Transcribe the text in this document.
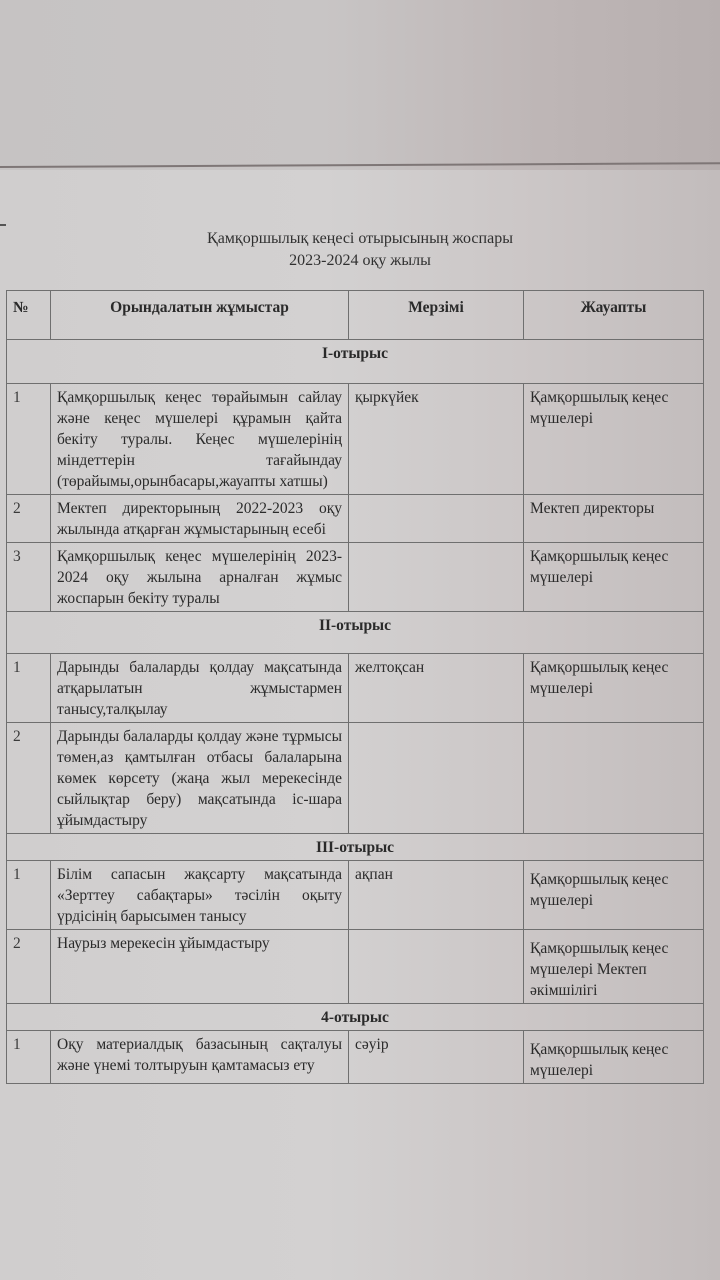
Қамқоршылық кеңесі отырысының жоспары
2023-2024 оқу жылы
№	Орындалатын жұмыстар	Мерзімі	Жауапты
I-отырыс			
1	Қамқоршылық кеңес төрайымын сайлау және кеңес мүшелері құрамын қайта бекіту туралы. Кеңес мүшелерінің міндеттерін тағайындау (төрайымы,орынбасары,жауапты хатшы)	қыркүйек	Қамқоршылық кеңес мүшелері
2	Мектеп директорының 2022-2023 оқу жылында атқарған жұмыстарының есебі		Мектеп директоры
3	Қамқоршылық кеңес мүшелерінің 2023-2024 оқу жылына арналған жұмыс жоспарын бекіту туралы		Қамқоршылық кеңес мүшелері
II-отырыс			
1	Дарынды балаларды қолдау мақсатында атқарылатын жұмыстармен танысу,талқылау	желтоқсан	Қамқоршылық кеңес мүшелері
2	Дарынды балаларды қолдау және тұрмысы төмен,аз қамтылған отбасы балаларына көмек көрсету (жаңа жыл мерекесінде сыйлықтар беру) мақсатында іс-шара ұйымдастыру		
III-отырыс			
1	Білім сапасын жақсарту мақсатында «Зерттеу сабақтары» тәсілін оқыту үрдісінің барысымен танысу	ақпан	Қамқоршылық кеңес мүшелері
2	Наурыз мерекесін ұйымдастыру		Қамқоршылық кеңес мүшелері Мектеп әкімшілігі
4-отырыс			
1	Оқу материалдық базасының сақталуы және үнемі толтыруын қамтамасыз ету	сәуір	Қамқоршылық кеңес мүшелері
